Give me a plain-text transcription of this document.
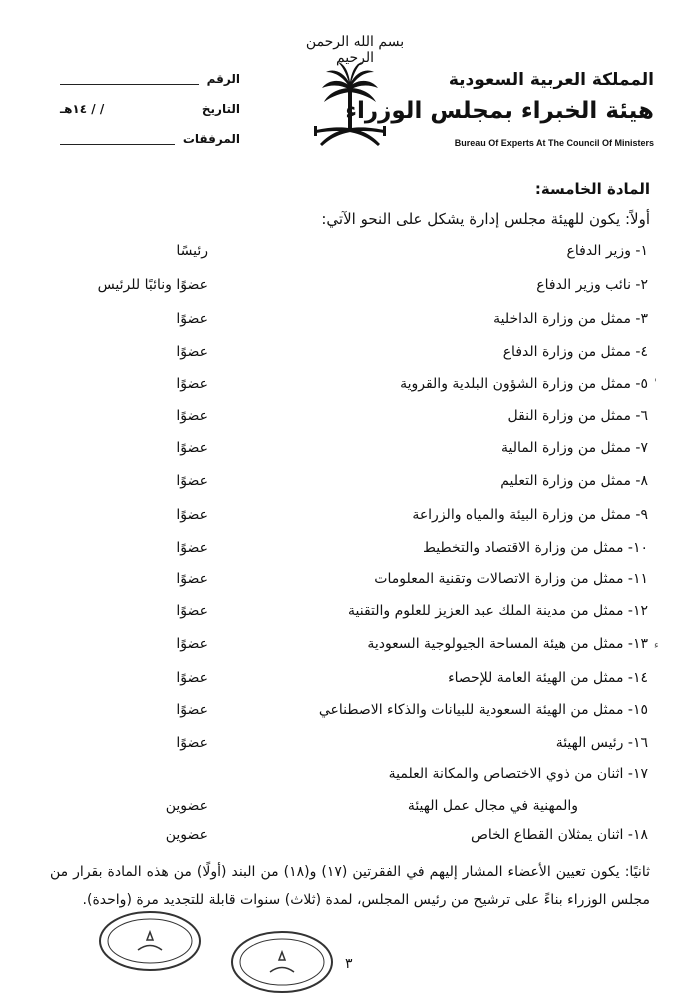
بسم الله الرحمن الرحيم
المملكة العربية السعودية
هيئة الخبراء بمجلس الوزراء
Bureau Of Experts At The Council Of Ministers
الرقم
التاريخ
/ / ١٤هـ
المرفقات
المادة الخامسة:
أولاً: يكون للهيئة مجلس إدارة يشكل على النحو الآتي:
١- وزير الدفاع
رئيسًا
٢- نائب وزير الدفاع
عضوًا ونائبًا للرئيس
٣- ممثل من وزارة الداخلية
عضوًا
٤- ممثل من وزارة الدفاع
عضوًا
٥- ممثل من وزارة الشؤون البلدية والقروية
عضوًا
٦- ممثل من وزارة النقل
عضوًا
٧- ممثل من وزارة المالية
عضوًا
٨- ممثل من وزارة التعليم
عضوًا
٩- ممثل من وزارة البيئة والمياه والزراعة
عضوًا
١٠- ممثل من وزارة الاقتصاد والتخطيط
عضوًا
١١- ممثل من وزارة الاتصالات وتقنية المعلومات
عضوًا
١٢- ممثل من مدينة الملك عبد العزيز للعلوم والتقنية
عضوًا
١٣- ممثل من هيئة المساحة الجيولوجية السعودية
عضوًا
١٤- ممثل من الهيئة العامة للإحصاء
عضوًا
١٥- ممثل من الهيئة السعودية للبيانات والذكاء الاصطناعي
عضوًا
١٦- رئيس الهيئة
عضوًا
١٧- اثنان من ذوي الاختصاص والمكانة العلمية
والمهنية في مجال عمل الهيئة
عضوين
١٨- اثنان يمثلان القطاع الخاص
عضوين
ثانيًا: يكون تعيين الأعضاء المشار إليهم في الفقرتين (١٧) و(١٨) من البند (أولًا) من هذه المادة بقرار من مجلس الوزراء بناءً على ترشيح من رئيس المجلس، لمدة (ثلاث) سنوات قابلة للتجديد مرة (واحدة).
٣
'
ء
